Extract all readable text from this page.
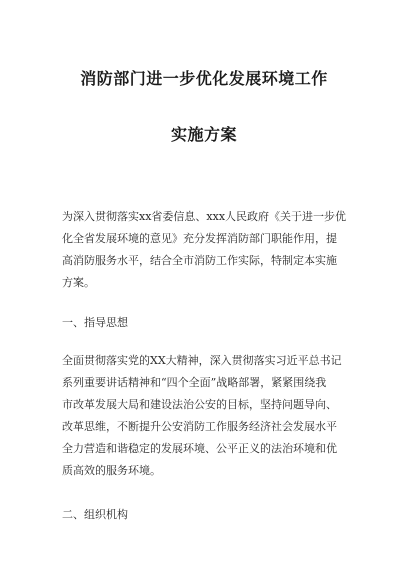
消防部门进一步优化发展环境工作
实施方案

为深入贯彻落实xx省委信息、xxx人民政府《关于进一步优
化全省发展环境的意见》充分发挥消防部门职能作用，提
高消防服务水平，结合全市消防工作实际，特制定本实施
方案。

一、指导思想

全面贯彻落实党的XX大精神，深入贯彻落实习近平总书记
系列重要讲话精神和“四个全面”战略部署，紧紧围绕我
市改革发展大局和建设法治公安的目标，坚持问题导向、
改革思维，不断提升公安消防工作服务经济社会发展水平
全力营造和谐稳定的发展环境、公平正义的法治环境和优
质高效的服务环境。

二、组织机构
